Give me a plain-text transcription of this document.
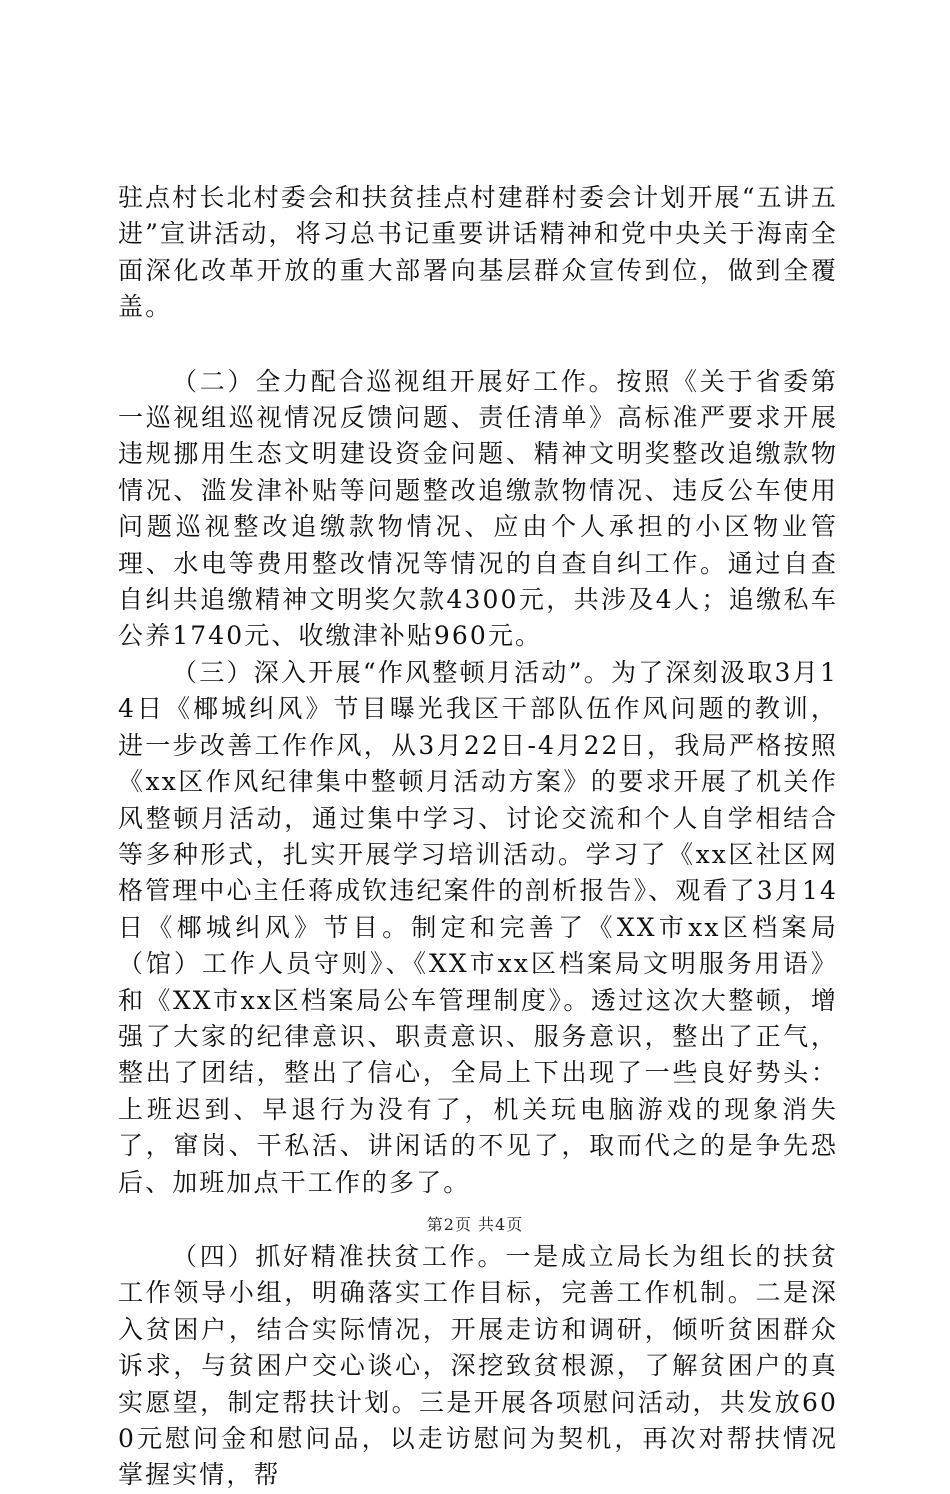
驻点村长北村委会和扶贫挂点村建群村委会计划开展“五讲五进”宣讲活动，将习总书记重要讲话精神和党中央关于海南全面深化改革开放的重大部署向基层群众宣传到位，做到全覆盖。

（二）全力配合巡视组开展好工作。按照《关于省委第一巡视组巡视情况反馈问题、责任清单》高标准严要求开展违规挪用生态文明建设资金问题、精神文明奖整改追缴款物情况、滥发津补贴等问题整改追缴款物情况、违反公车使用问题巡视整改追缴款物情况、应由个人承担的小区物业管理、水电等费用整改情况等情况的自查自纠工作。通过自查自纠共追缴精神文明奖欠款4300元，共涉及4人；追缴私车公养1740元、收缴津补贴960元。

（三）深入开展“作风整顿月活动”。为了深刻汲取3月14日《椰城纠风》节目曝光我区干部队伍作风问题的教训，进一步改善工作作风，从3月22日-4月22日，我局严格按照《xx区作风纪律集中整顿月活动方案》的要求开展了机关作风整顿月活动，通过集中学习、讨论交流和个人自学相结合等多种形式，扎实开展学习培训活动。学习了《xx区社区网格管理中心主任蒋成钦违纪案件的剖析报告》、观看了3月14日《椰城纠风》节目。制定和完善了《XX市xx区档案局（馆）工作人员守则》、《XX市xx区档案局文明服务用语》和《XX市xx区档案局公车管理制度》。透过这次大整顿，增强了大家的纪律意识、职责意识、服务意识，整出了正气，整出了团结，整出了信心，全局上下出现了一些良好势头：上班迟到、早退行为没有了，机关玩电脑游戏的现象消失了，窜岗、干私活、讲闲话的不见了，取而代之的是争先恐后、加班加点干工作的多了。

（四）抓好精准扶贫工作。一是成立局长为组长的扶贫工作领导小组，明确落实工作目标，完善工作机制。二是深入贫困户，结合实际情况，开展走访和调研，倾听贫困群众诉求，与贫困户交心谈心，深挖致贫根源，了解贫困户的真实愿望，制定帮扶计划。三是开展各项慰问活动，共发放600元慰问金和慰问品，以走访慰问为契机，再次对帮扶情况掌握实情，帮

第2页 共4页
